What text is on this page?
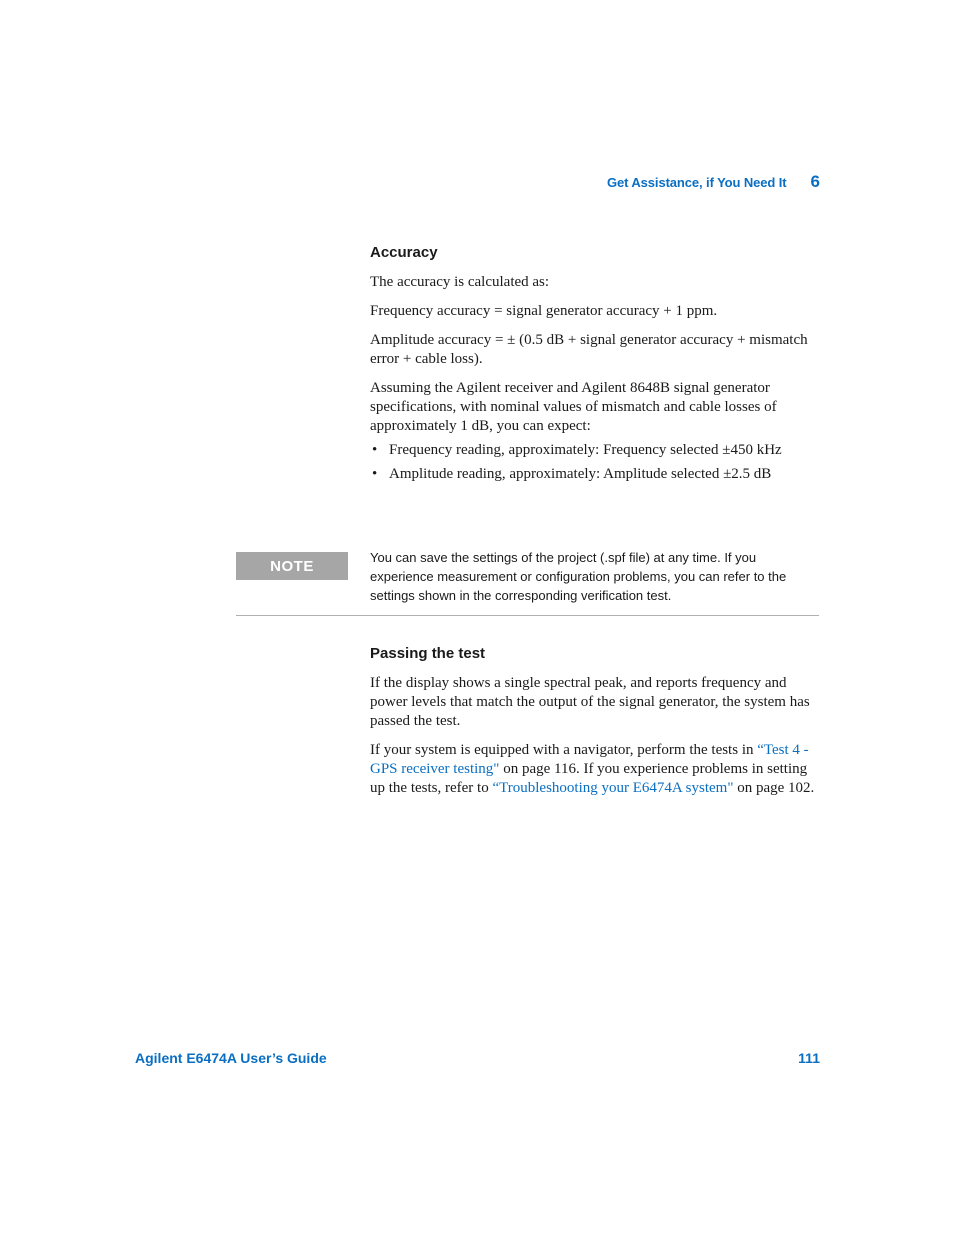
Get Assistance, if You Need It 6
Accuracy

The accuracy is calculated as:

Frequency accuracy = signal generator accuracy + 1 ppm.

Amplitude accuracy = ± (0.5 dB + signal generator accuracy + mismatch error + cable loss).

Assuming the Agilent receiver and Agilent 8648B signal generator specifications, with nominal values of mismatch and cable losses of approximately 1 dB, you can expect:

• Frequency reading, approximately: Frequency selected ±450 kHz
• Amplitude reading, approximately: Amplitude selected ±2.5 dB
NOTE	You can save the settings of the project (.spf file) at any time. If you experience measurement or configuration problems, you can refer to the settings shown in the corresponding verification test.
Passing the test

If the display shows a single spectral peak, and reports frequency and power levels that match the output of the signal generator, the system has passed the test.

If your system is equipped with a navigator, perform the tests in “Test 4 - GPS receiver testing" on page 116. If you experience problems in setting up the tests, refer to “Troubleshooting your E6474A system" on page 102.

Agilent E6474A User’s Guide	111
